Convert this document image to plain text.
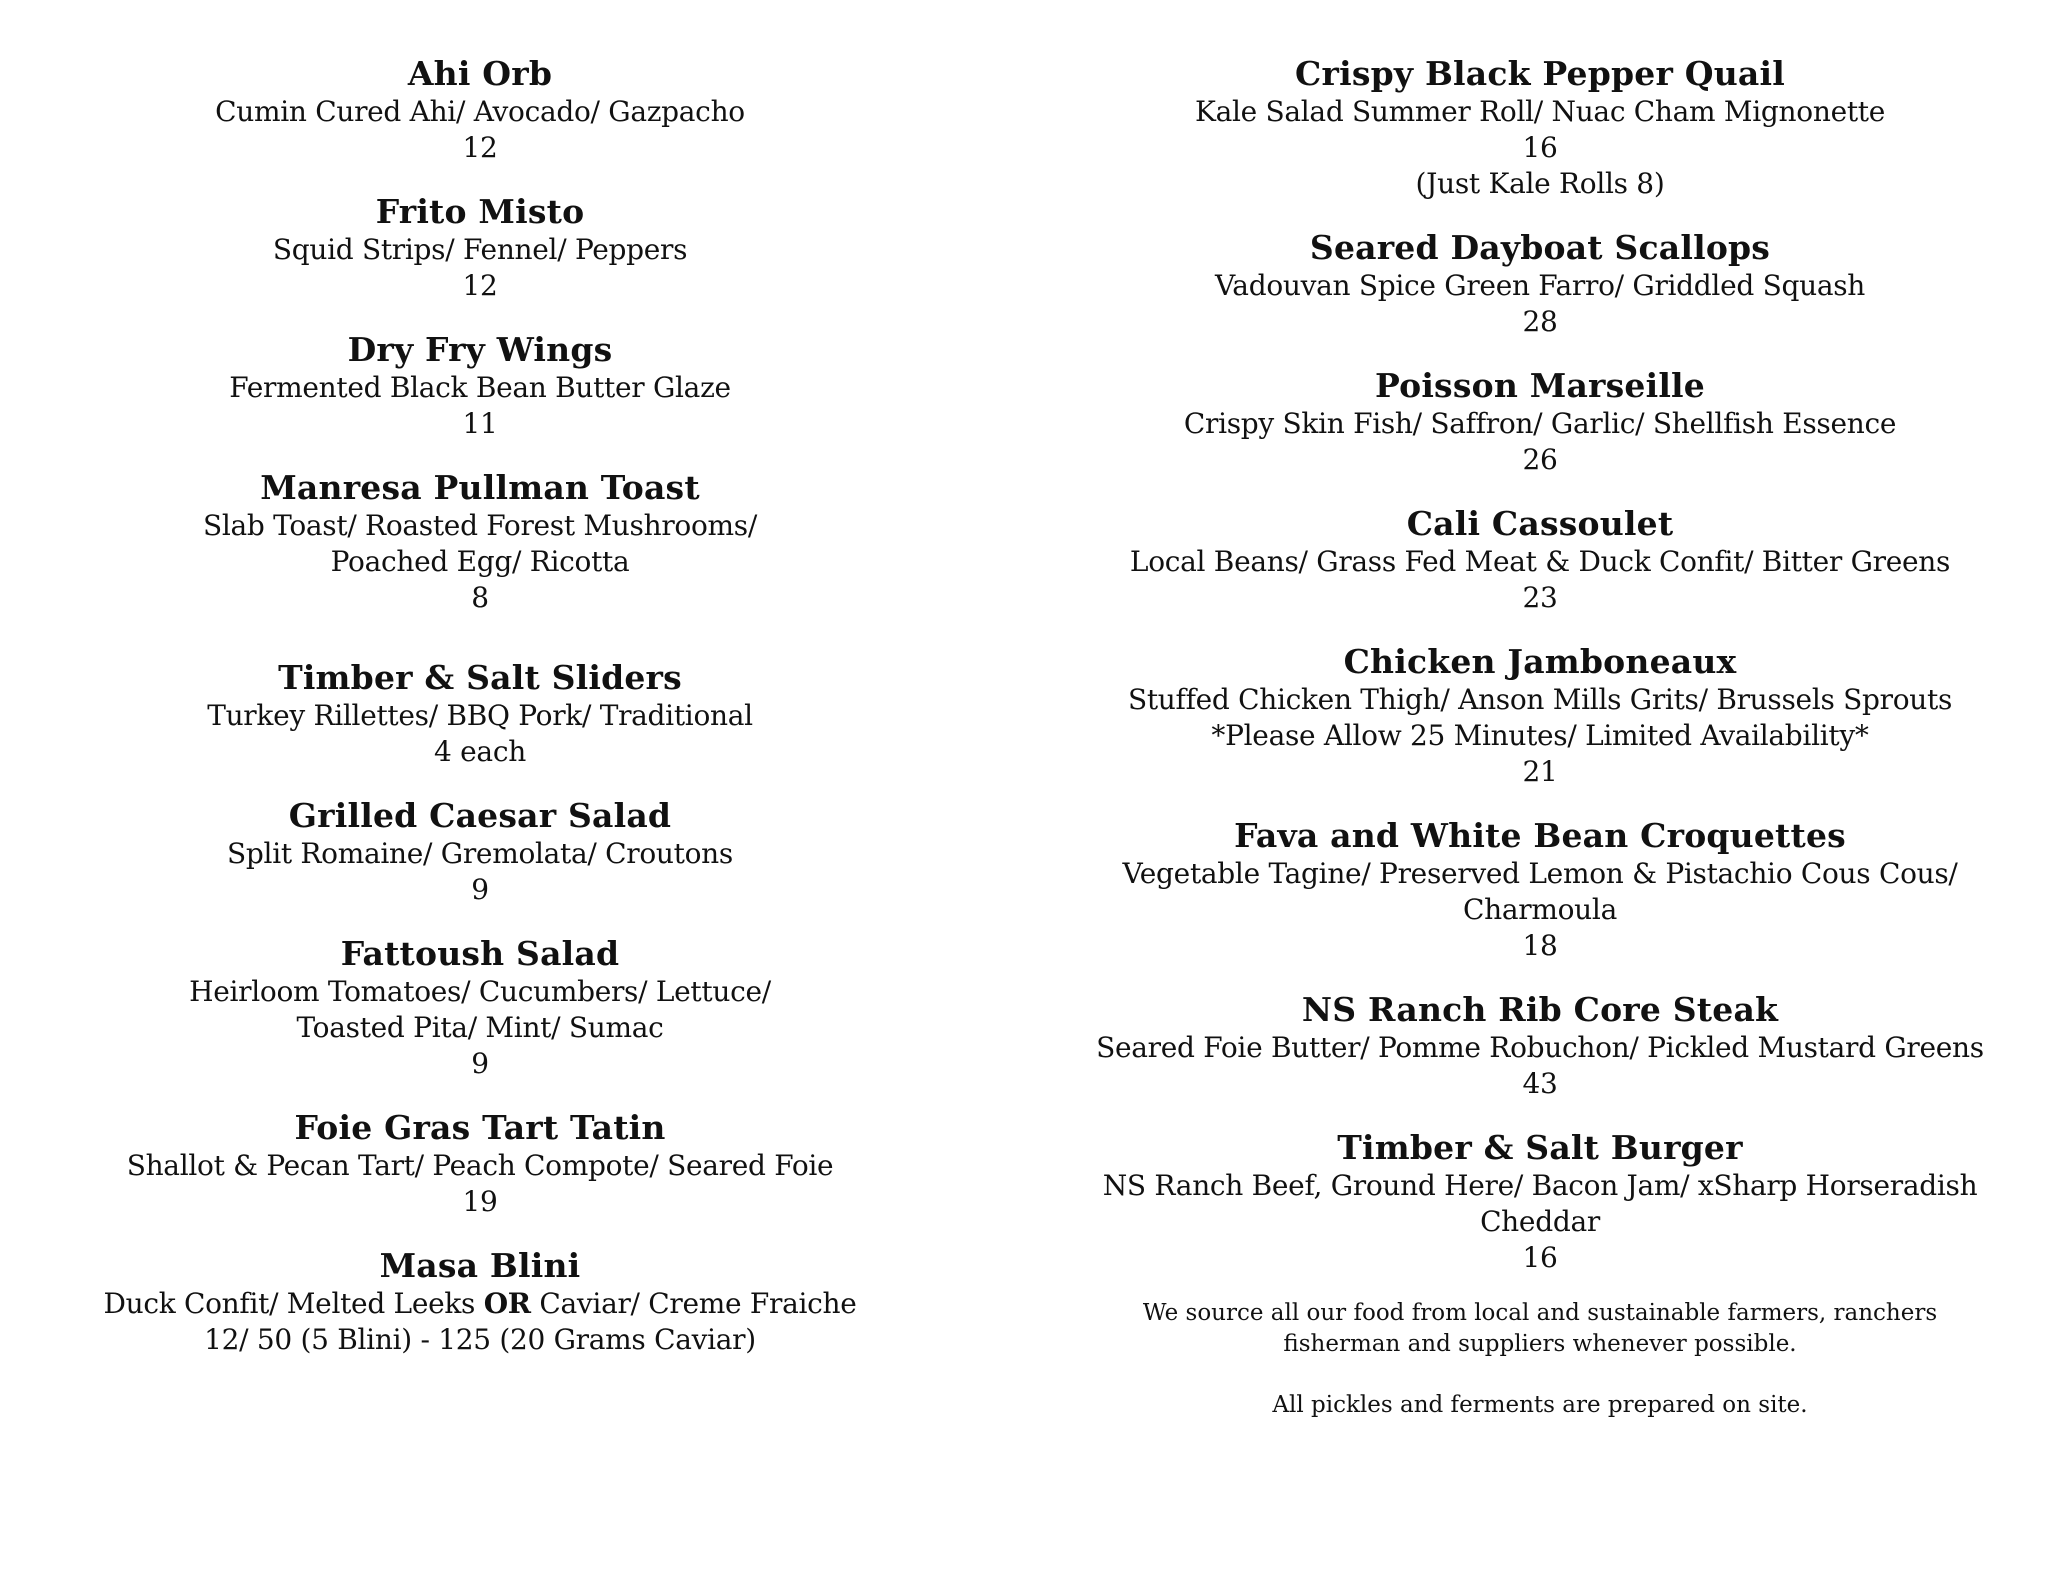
Ahi Orb
Cumin Cured Ahi/ Avocado/ Gazpacho
12
Frito Misto
Squid Strips/ Fennel/ Peppers
12
Dry Fry Wings
Fermented Black Bean Butter Glaze
11
Manresa Pullman Toast
Slab Toast/ Roasted Forest Mushrooms/
Poached Egg/ Ricotta
8
Timber & Salt Sliders
Turkey Rillettes/ BBQ Pork/ Traditional
4 each
Grilled Caesar Salad
Split Romaine/ Gremolata/ Croutons
9
Fattoush Salad
Heirloom Tomatoes/ Cucumbers/ Lettuce/
Toasted Pita/ Mint/ Sumac
9
Foie Gras Tart Tatin
Shallot & Pecan Tart/ Peach Compote/ Seared Foie
19
Masa Blini
Duck Confit/ Melted Leeks OR Caviar/ Creme Fraiche
12/ 50 (5 Blini) - 125 (20 Grams Caviar)
Crispy Black Pepper Quail
Kale Salad Summer Roll/ Nuac Cham Mignonette
16
(Just Kale Rolls 8)
Seared Dayboat Scallops
Vadouvan Spice Green Farro/ Griddled Squash
28
Poisson Marseille
Crispy Skin Fish/ Saffron/ Garlic/ Shellfish Essence
26
Cali Cassoulet
Local Beans/ Grass Fed Meat & Duck Confit/ Bitter Greens
23
Chicken Jamboneaux
Stuffed Chicken Thigh/ Anson Mills Grits/ Brussels Sprouts
*Please Allow 25 Minutes/ Limited Availability*
21
Fava and White Bean Croquettes
Vegetable Tagine/ Preserved Lemon & Pistachio Cous Cous/
Charmoula
18
NS Ranch Rib Core Steak
Seared Foie Butter/ Pomme Robuchon/ Pickled Mustard Greens
43
Timber & Salt Burger
NS Ranch Beef, Ground Here/ Bacon Jam/ xSharp Horseradish
Cheddar
16

We source all our food from local and sustainable farmers, ranchers

fisherman and suppliers whenever possible.

All pickles and ferments are prepared on site.
